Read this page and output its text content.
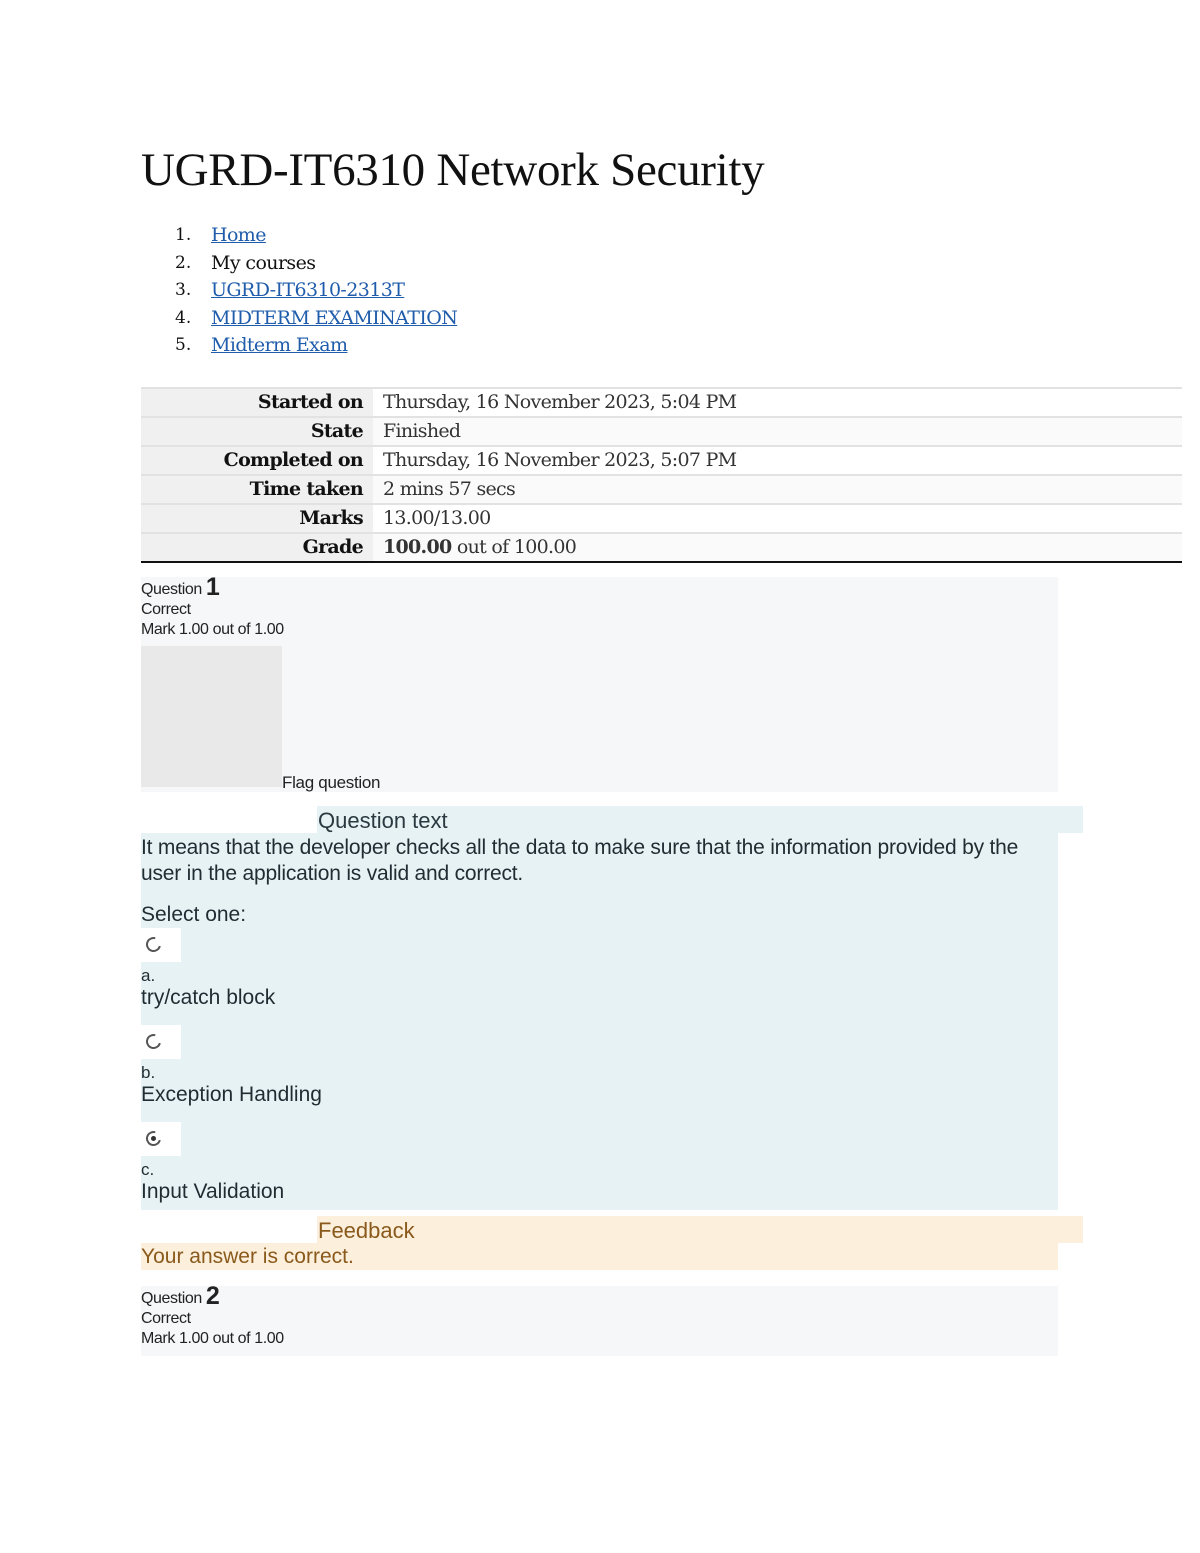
UGRD-IT6310 Network Security
1. Home
2. My courses
3. UGRD-IT6310-2313T
4. MIDTERM EXAMINATION
5. Midterm Exam
Started on	Thursday, 16 November 2023, 5:04 PM
State	Finished
Completed on	Thursday, 16 November 2023, 5:07 PM
Time taken	2 mins 57 secs
Marks	13.00/13.00
Grade	100.00 out of 100.00
Question 1
Correct
Mark 1.00 out of 1.00
Flag question
Question text
It means that the developer checks all the data to make sure that the information provided by the user in the application is valid and correct.
Select one:
a.
try/catch block
b.
Exception Handling
c.
Input Validation
Feedback
Your answer is correct.
Question 2
Correct
Mark 1.00 out of 1.00
